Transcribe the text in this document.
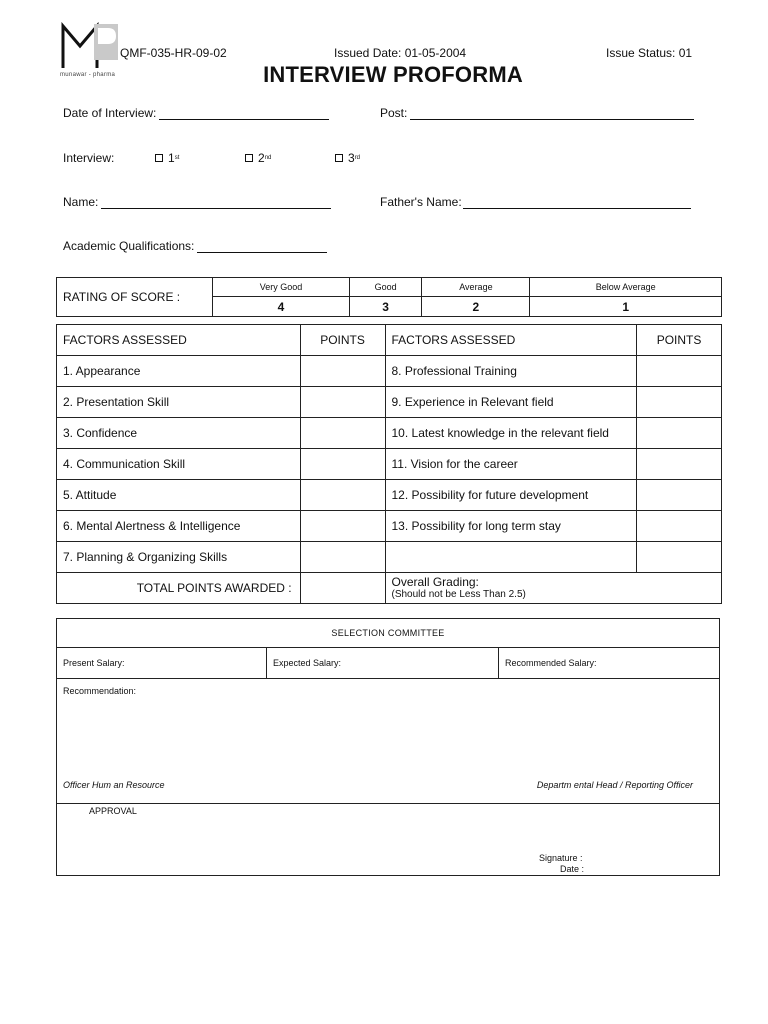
munawar - pharma
QMF-035-HR-09-02	Issued Date: 01-05-2004	Issue Status: 01
INTERVIEW PROFORMA
Date of Interview:	Post:
Interview:	1 st	2 nd	3 rd
Name:	Father's Name:
Academic Qualifications:
RATING OF SCORE :	Very Good	Good	Average	Below Average
	4	3	2	1
FACTORS ASSESSED	POINTS	FACTORS ASSESSED	POINTS
1. Appearance		8. Professional Training	
2. Presentation Skill		9. Experience in Relevant field	
3. Confidence		10. Latest knowledge in the relevant field	
4. Communication Skill		11. Vision for the career	
5. Attitude		12. Possibility for future development	
6. Mental Alertness & Intelligence		13. Possibility for long term stay	
7. Planning & Organizing Skills			
TOTAL POINTS AWARDED :		Overall Grading:
(Should not be Less Than 2.5)	
SELECTION COMMITTEE
Present Salary:	Expected Salary:	Recommended Salary:
Recommendation:
Officer Hum an Resource	Departm ental Head / Reporting Officer
APPROVAL
Signature :
Date :
